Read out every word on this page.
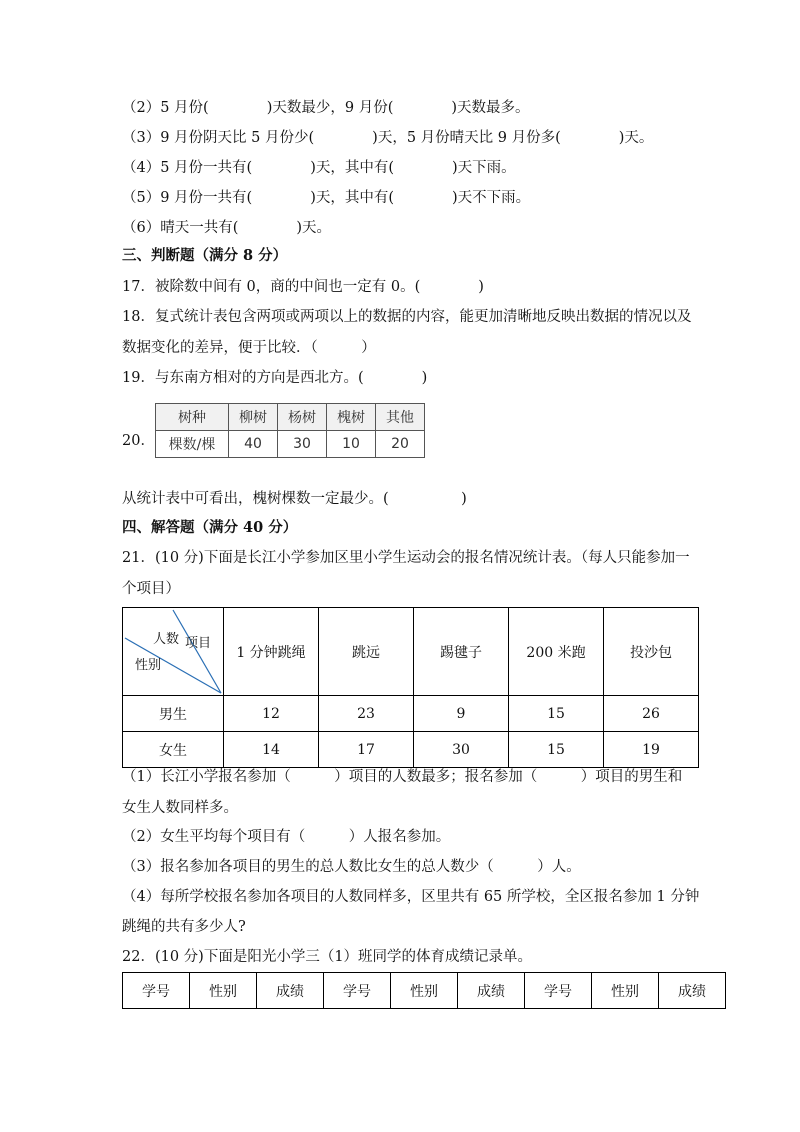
（2）5 月份(　　　　)天数最少，9 月份(　　　　)天数最多。
（3）9 月份阴天比 5 月份少(　　　　)天，5 月份晴天比 9 月份多(　　　　)天。
（4）5 月份一共有(　　　　)天，其中有(　　　　)天下雨。
（5）9 月份一共有(　　　　)天，其中有(　　　　)天不下雨。
（6）晴天一共有(　　　　)天。
三、判断题（满分 8 分）
17．被除数中间有 0，商的中间也一定有 0。(　　　　)
18．复式统计表包含两项或两项以上的数据的内容，能更加清晰地反映出数据的情况以及
数据变化的差异，便于比较．（　　　）
19．与东南方相对的方向是西北方。(　　　　)
20．
树种	柳树	杨树	槐树	其他
棵数/棵	40	30	10	20
从统计表中可看出，槐树棵数一定最少。(　　　　　)
四、解答题（满分 40 分）
21．(10 分)下面是长江小学参加区里小学生运动会的报名情况统计表。（每人只能参加一
个项目）
项目
人数
性别	1 分钟跳绳	跳远	踢毽子	200 米跑	投沙包
男生	12	23	9	15	26
女生	14	17	30	15	19
（1）长江小学报名参加（　　　）项目的人数最多；报名参加（　　　）项目的男生和
女生人数同样多。
（2）女生平均每个项目有（　　　）人报名参加。
（3）报名参加各项目的男生的总人数比女生的总人数少（　　　）人。
（4）每所学校报名参加各项目的人数同样多，区里共有 65 所学校，全区报名参加 1 分钟
跳绳的共有多少人?
22．(10 分)下面是阳光小学三（1）班同学的体育成绩记录单。
学号	性别	成绩	学号	性别	成绩	学号	性别	成绩
